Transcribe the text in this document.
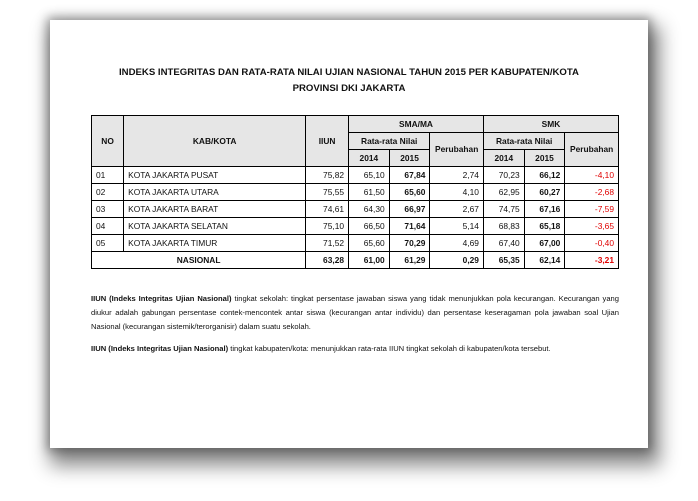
INDEKS INTEGRITAS DAN RATA-RATA NILAI UJIAN NASIONAL TAHUN 2015 PER KABUPATEN/KOTA
PROVINSI DKI JAKARTA
NO	KAB/KOTA	IIUN	SMA/MA			SMK		
			Rata-rata Nilai		Perubahan	Rata-rata Nilai		Perubahan
			2014	2015		2014	2015	
01	KOTA JAKARTA PUSAT	75,82	65,10	67,84	2,74	70,23	66,12	-4,10
02	KOTA JAKARTA UTARA	75,55	61,50	65,60	4,10	62,95	60,27	-2,68
03	KOTA JAKARTA BARAT	74,61	64,30	66,97	2,67	74,75	67,16	-7,59
04	KOTA JAKARTA SELATAN	75,10	66,50	71,64	5,14	68,83	65,18	-3,65
05	KOTA JAKARTA TIMUR	71,52	65,60	70,29	4,69	67,40	67,00	-0,40
NASIONAL		63,28	61,00	61,29	0,29	65,35	62,14	-3,21
IIUN (Indeks Integritas Ujian Nasional) tingkat sekolah: tingkat persentase jawaban siswa yang tidak menunjukkan pola kecurangan. Kecurangan yang diukur adalah gabungan persentase contek-mencontek antar siswa (kecurangan antar individu) dan persentase keseragaman pola jawaban soal Ujian Nasional (kecurangan sistemik/terorganisir) dalam suatu sekolah.
IIUN (Indeks Integritas Ujian Nasional) tingkat kabupaten/kota: menunjukkan rata-rata IIUN tingkat sekolah di kabupaten/kota tersebut.
